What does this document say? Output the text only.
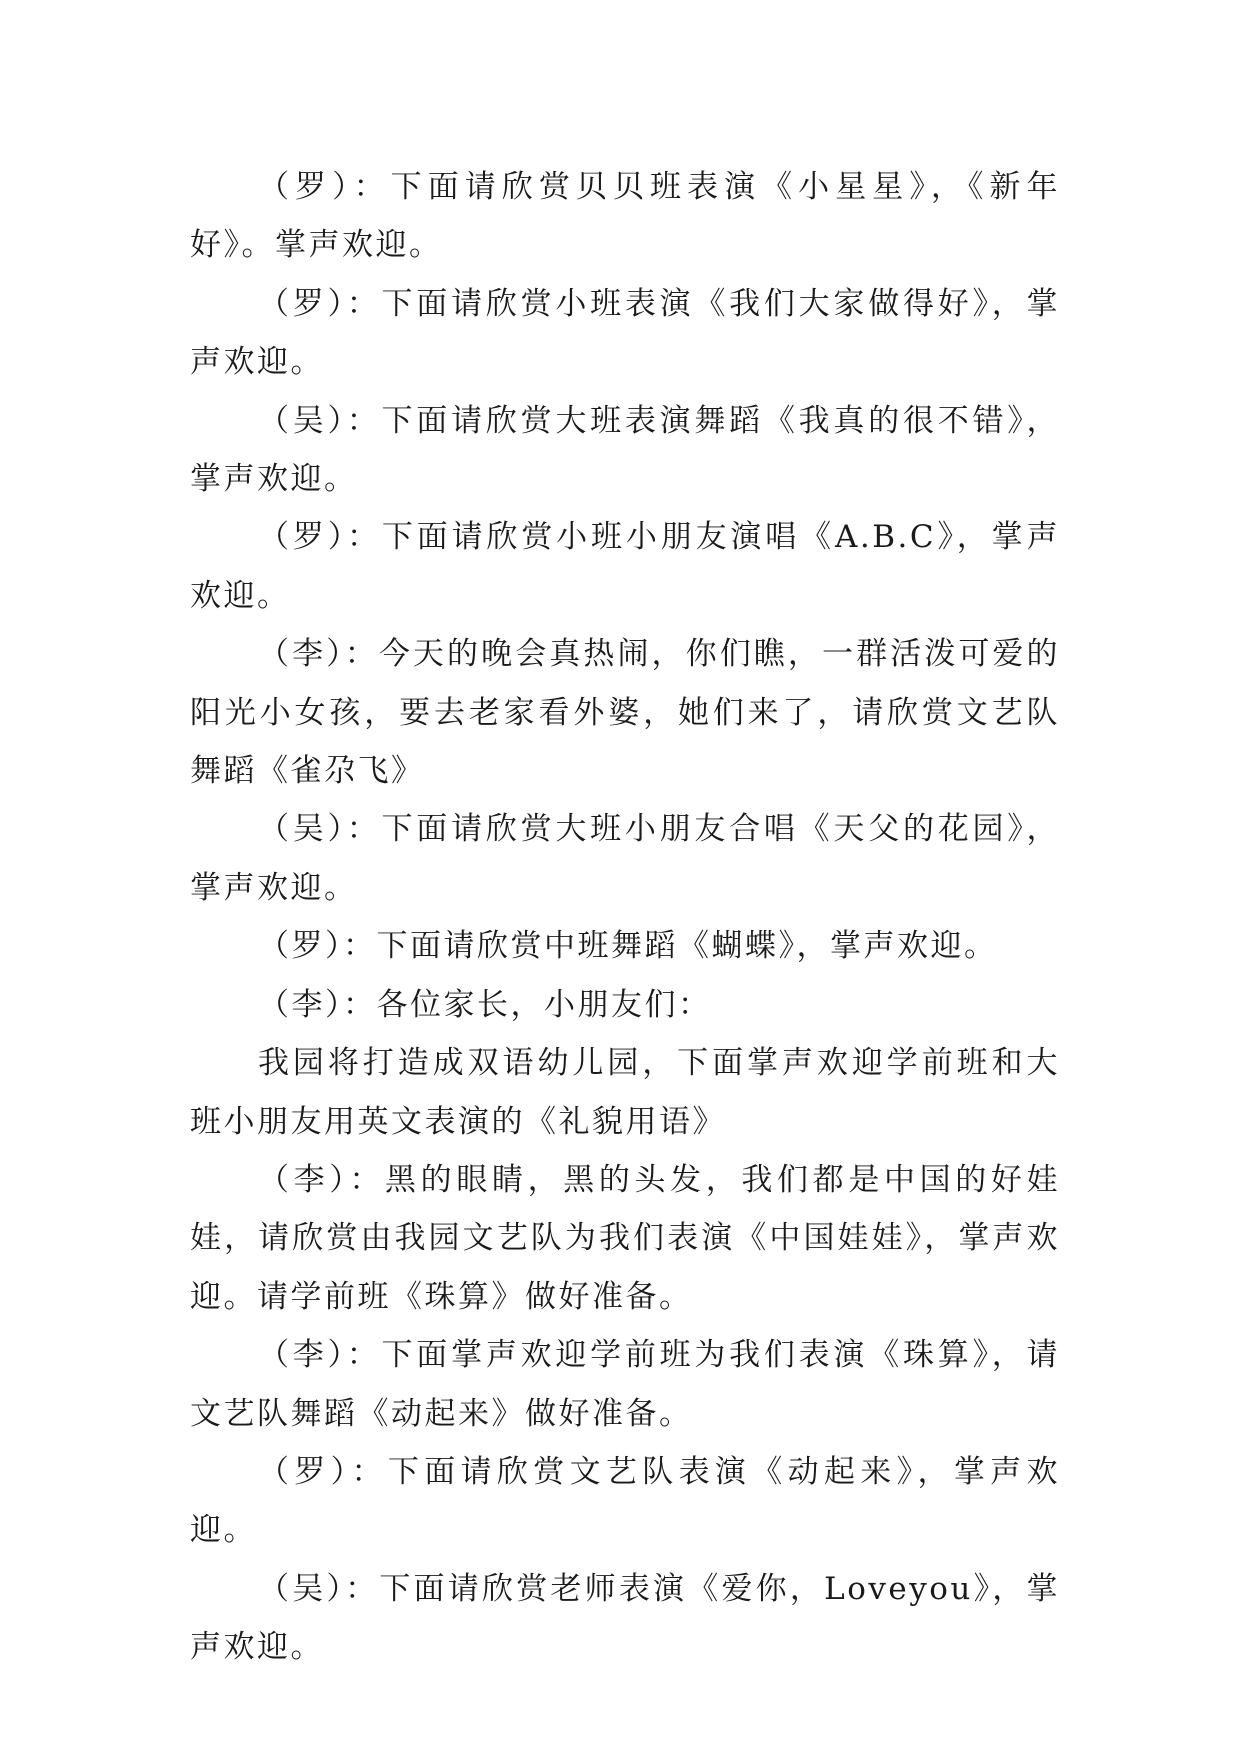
（罗）：下面请欣赏贝贝班表演《小星星》，《新年好》。掌声欢迎。

（罗）：下面请欣赏小班表演《我们大家做得好》，掌声欢迎。

（吴）：下面请欣赏大班表演舞蹈《我真的很不错》，掌声欢迎。

（罗）：下面请欣赏小班小朋友演唱《A.B.C》，掌声欢迎。

（李）：今天的晚会真热闹，你们瞧，一群活泼可爱的阳光小女孩，要去老家看外婆，她们来了，请欣赏文艺队舞蹈《雀尕飞》

（吴）：下面请欣赏大班小朋友合唱《天父的花园》，掌声欢迎。

（罗）：下面请欣赏中班舞蹈《蝴蝶》，掌声欢迎。

（李）：各位家长，小朋友们：

我园将打造成双语幼儿园，下面掌声欢迎学前班和大班小朋友用英文表演的《礼貌用语》

（李）：黑的眼睛，黑的头发，我们都是中国的好娃娃，请欣赏由我园文艺队为我们表演《中国娃娃》，掌声欢迎。请学前班《珠算》做好准备。

（李）：下面掌声欢迎学前班为我们表演《珠算》，请文艺队舞蹈《动起来》做好准备。

（罗）：下面请欣赏文艺队表演《动起来》，掌声欢迎。

（吴）：下面请欣赏老师表演《爱你，Loveyou》，掌声欢迎。
